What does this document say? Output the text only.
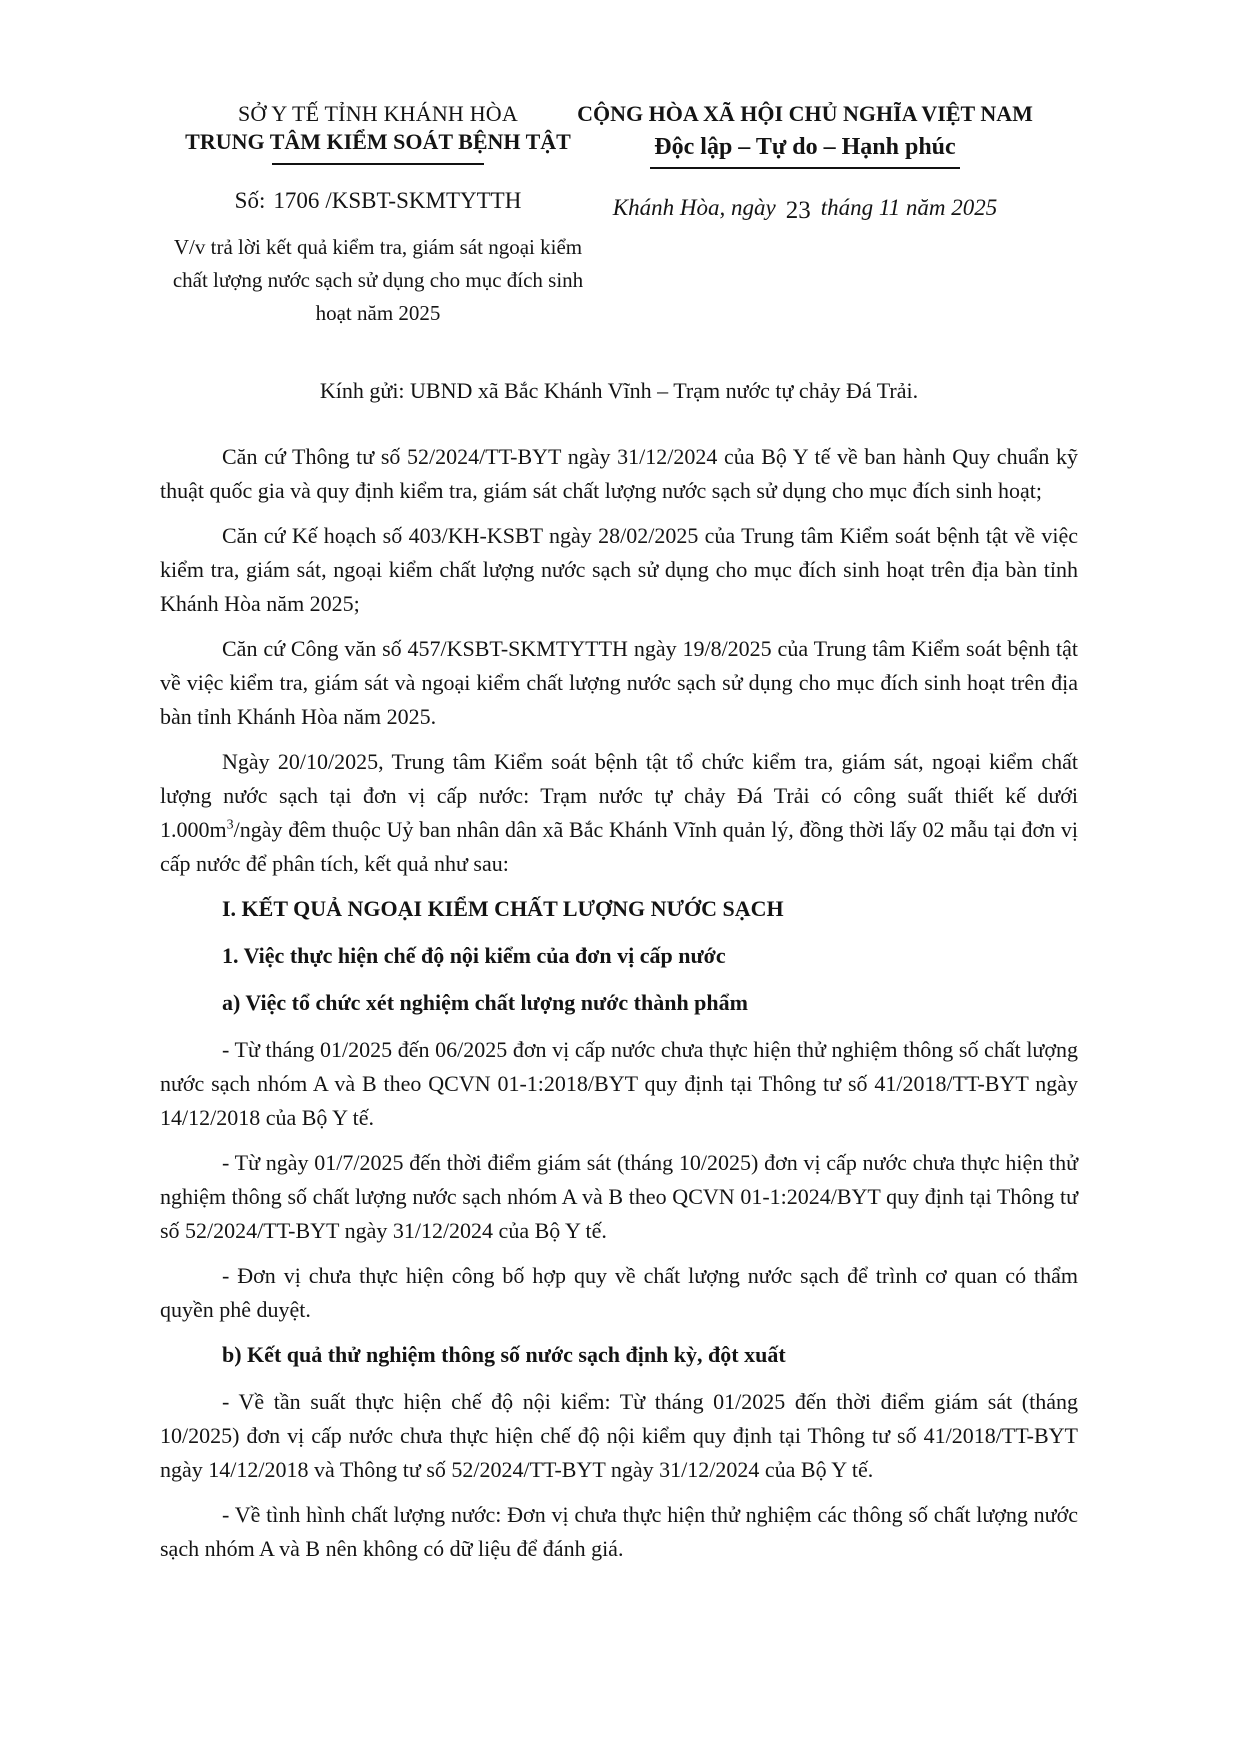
SỞ Y TẾ TỈNH KHÁNH HÒA
TRUNG TÂM KIỂM SOÁT BỆNH TẬT
Số: 1706 /KSBT-SKMTYTTH
V/v trả lời kết quả kiểm tra, giám sát ngoại kiểm chất lượng nước sạch sử dụng cho mục đích sinh hoạt năm 2025
CỘNG HÒA XÃ HỘI CHỦ NGHĨA VIỆT NAM
Độc lập – Tự do – Hạnh phúc
Khánh Hòa, ngày 23 tháng 11 năm 2025

Kính gửi: UBND xã Bắc Khánh Vĩnh – Trạm nước tự chảy Đá Trải.

Căn cứ Thông tư số 52/2024/TT-BYT ngày 31/12/2024 của Bộ Y tế về ban hành Quy chuẩn kỹ thuật quốc gia và quy định kiểm tra, giám sát chất lượng nước sạch sử dụng cho mục đích sinh hoạt;

Căn cứ Kế hoạch số 403/KH-KSBT ngày 28/02/2025 của Trung tâm Kiểm soát bệnh tật về việc kiểm tra, giám sát, ngoại kiểm chất lượng nước sạch sử dụng cho mục đích sinh hoạt trên địa bàn tỉnh Khánh Hòa năm 2025;

Căn cứ Công văn số 457/KSBT-SKMTYTTH ngày 19/8/2025 của Trung tâm Kiểm soát bệnh tật về việc kiểm tra, giám sát và ngoại kiểm chất lượng nước sạch sử dụng cho mục đích sinh hoạt trên địa bàn tỉnh Khánh Hòa năm 2025.

Ngày 20/10/2025, Trung tâm Kiểm soát bệnh tật tổ chức kiểm tra, giám sát, ngoại kiểm chất lượng nước sạch tại đơn vị cấp nước: Trạm nước tự chảy Đá Trải có công suất thiết kế dưới $1.000m^3$/ngày đêm thuộc Uỷ ban nhân dân xã Bắc Khánh Vĩnh quản lý, đồng thời lấy 02 mẫu tại đơn vị cấp nước để phân tích, kết quả như sau:

I. KẾT QUẢ NGOẠI KIỂM CHẤT LƯỢNG NƯỚC SẠCH

1. Việc thực hiện chế độ nội kiểm của đơn vị cấp nước

a) Việc tổ chức xét nghiệm chất lượng nước thành phẩm

- Từ tháng 01/2025 đến 06/2025 đơn vị cấp nước chưa thực hiện thử nghiệm thông số chất lượng nước sạch nhóm A và B theo QCVN 01-1:2018/BYT quy định tại Thông tư số 41/2018/TT-BYT ngày 14/12/2018 của Bộ Y tế.

- Từ ngày 01/7/2025 đến thời điểm giám sát (tháng 10/2025) đơn vị cấp nước chưa thực hiện thử nghiệm thông số chất lượng nước sạch nhóm A và B theo QCVN 01-1:2024/BYT quy định tại Thông tư số 52/2024/TT-BYT ngày 31/12/2024 của Bộ Y tế.

- Đơn vị chưa thực hiện công bố hợp quy về chất lượng nước sạch để trình cơ quan có thẩm quyền phê duyệt.

b) Kết quả thử nghiệm thông số nước sạch định kỳ, đột xuất

- Về tần suất thực hiện chế độ nội kiểm: Từ tháng 01/2025 đến thời điểm giám sát (tháng 10/2025) đơn vị cấp nước chưa thực hiện chế độ nội kiểm quy định tại Thông tư số 41/2018/TT-BYT ngày 14/12/2018 và Thông tư số 52/2024/TT-BYT ngày 31/12/2024 của Bộ Y tế.

- Về tình hình chất lượng nước: Đơn vị chưa thực hiện thử nghiệm các thông số chất lượng nước sạch nhóm A và B nên không có dữ liệu để đánh giá.
